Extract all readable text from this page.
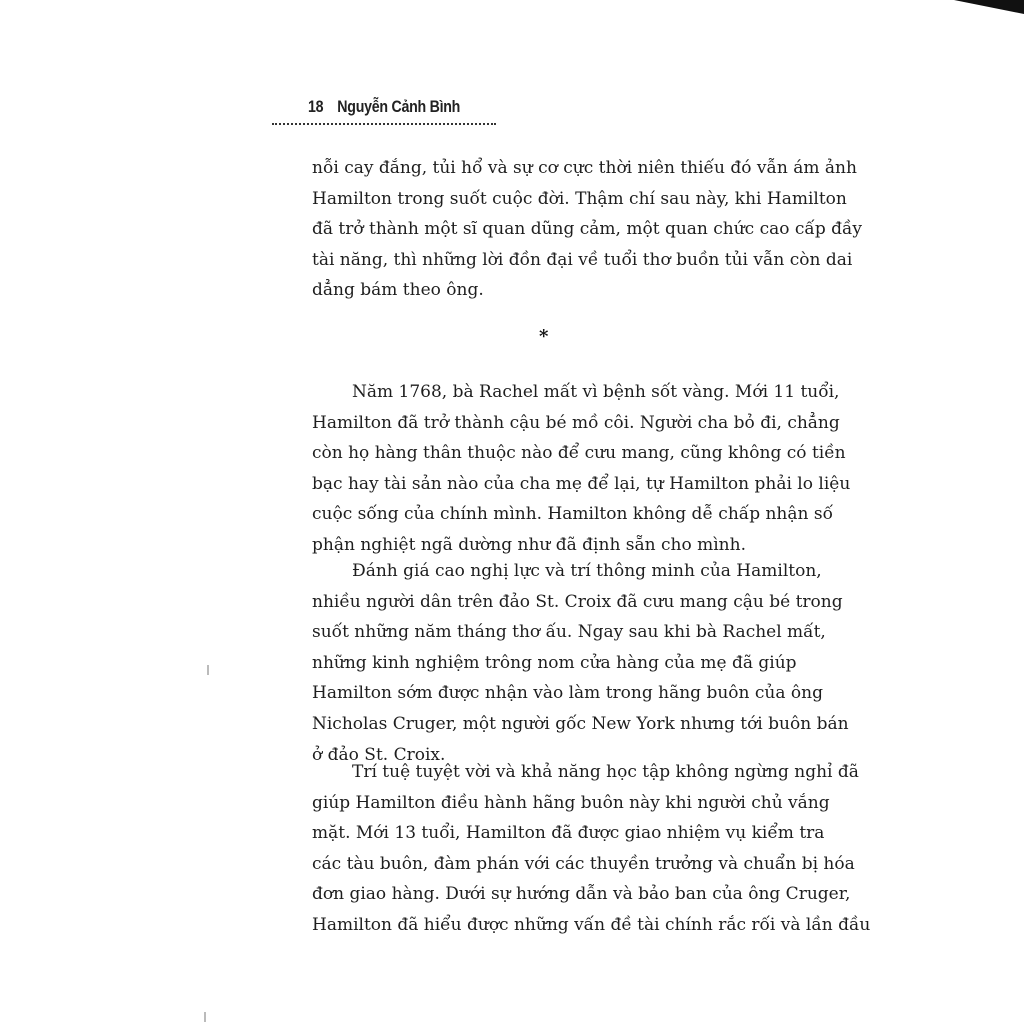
18 Nguyễn Cảnh Bình

nỗi cay đắng, tủi hổ và sự cơ cực thời niên thiếu đó vẫn ám ảnh
Hamilton trong suốt cuộc đời. Thậm chí sau này, khi Hamilton
đã trở thành một sĩ quan dũng cảm, một quan chức cao cấp đầy
tài năng, thì những lời đồn đại về tuổi thơ buồn tủi vẫn còn dai
dẳng bám theo ông.

*

Năm 1768, bà Rachel mất vì bệnh sốt vàng. Mới 11 tuổi,
Hamilton đã trở thành cậu bé mồ côi. Người cha bỏ đi, chẳng
còn họ hàng thân thuộc nào để cưu mang, cũng không có tiền
bạc hay tài sản nào của cha mẹ để lại, tự Hamilton phải lo liệu
cuộc sống của chính mình. Hamilton không dễ chấp nhận số
phận nghiệt ngã dường như đã định sẵn cho mình.

Đánh giá cao nghị lực và trí thông minh của Hamilton,
nhiều người dân trên đảo St. Croix đã cưu mang cậu bé trong
suốt những năm tháng thơ ấu. Ngay sau khi bà Rachel mất,
những kinh nghiệm trông nom cửa hàng của mẹ đã giúp
Hamilton sớm được nhận vào làm trong hãng buôn của ông
Nicholas Cruger, một người gốc New York nhưng tới buôn bán
ở đảo St. Croix.

Trí tuệ tuyệt vời và khả năng học tập không ngừng nghỉ đã
giúp Hamilton điều hành hãng buôn này khi người chủ vắng
mặt. Mới 13 tuổi, Hamilton đã được giao nhiệm vụ kiểm tra
các tàu buôn, đàm phán với các thuyền trưởng và chuẩn bị hóa
đơn giao hàng. Dưới sự hướng dẫn và bảo ban của ông Cruger,
Hamilton đã hiểu được những vấn đề tài chính rắc rối và lần đầu
